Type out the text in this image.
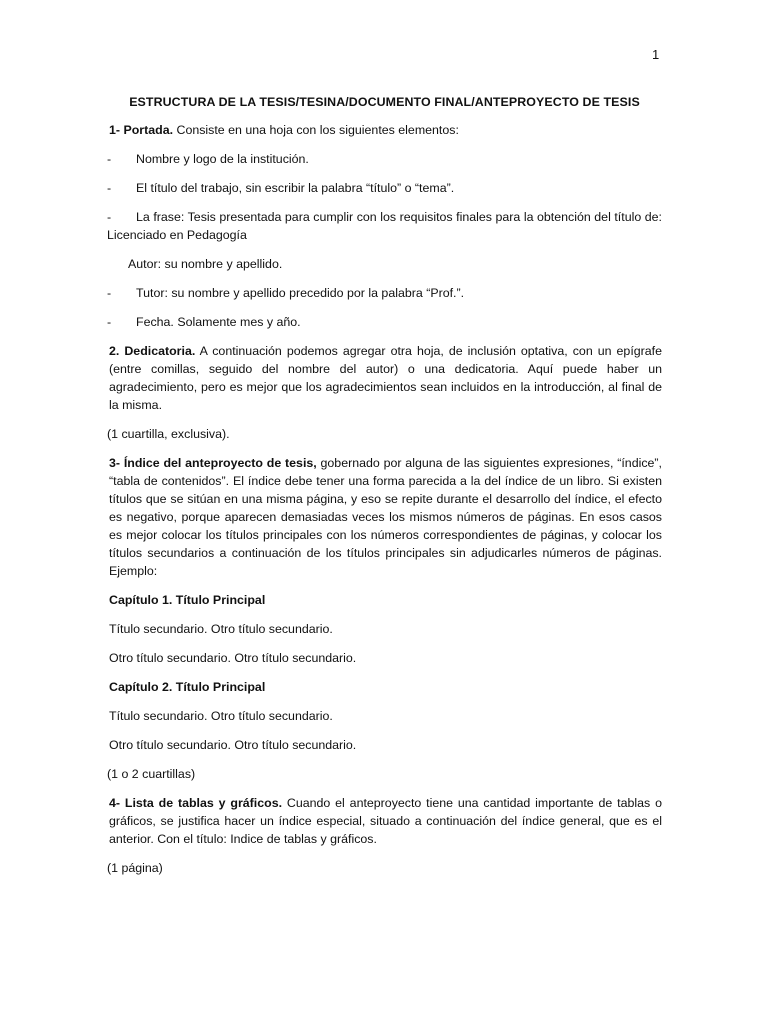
1
ESTRUCTURA DE LA TESIS/TESINA/DOCUMENTO FINAL/ANTEPROYECTO DE TESIS

1- Portada. Consiste en una hoja con los siguientes elementos:

- Nombre y logo de la institución.

- El título del trabajo, sin escribir la palabra “título” o “tema”.

- La frase: Tesis presentada para cumplir con los requisitos finales para la obtención del título de: Licenciado en Pedagogía

Autor: su nombre y apellido.

- Tutor: su nombre y apellido precedido por la palabra “Prof.”.

- Fecha. Solamente mes y año.

2. Dedicatoria. A continuación podemos agregar otra hoja, de inclusión optativa, con un epígrafe (entre comillas, seguido del nombre del autor) o una dedicatoria. Aquí puede haber un agradecimiento, pero es mejor que los agradecimientos sean incluidos en la introducción, al final de la misma.

(1 cuartilla, exclusiva).

3- Índice del anteproyecto de tesis, gobernado por alguna de las siguientes expresiones, “índice”, “tabla de contenidos”. El índice debe tener una forma parecida a la del índice de un libro. Si existen títulos que se sitúan en una misma página, y eso se repite durante el desarrollo del índice, el efecto es negativo, porque aparecen demasiadas veces los mismos números de páginas. En esos casos es mejor colocar los títulos principales con los números correspondientes de páginas, y colocar los títulos secundarios a continuación de los títulos principales sin adjudicarles números de páginas. Ejemplo:

Capítulo 1. Título Principal
Título secundario. Otro título secundario.
Otro título secundario. Otro título secundario.
Capítulo 2. Título Principal
Título secundario. Otro título secundario.
Otro título secundario. Otro título secundario.

(1 o 2 cuartillas)

4- Lista de tablas y gráficos. Cuando el anteproyecto tiene una cantidad importante de tablas o gráficos, se justifica hacer un índice especial, situado a continuación del índice general, que es el anterior. Con el título: Indice de tablas y gráficos.

(1 página)
